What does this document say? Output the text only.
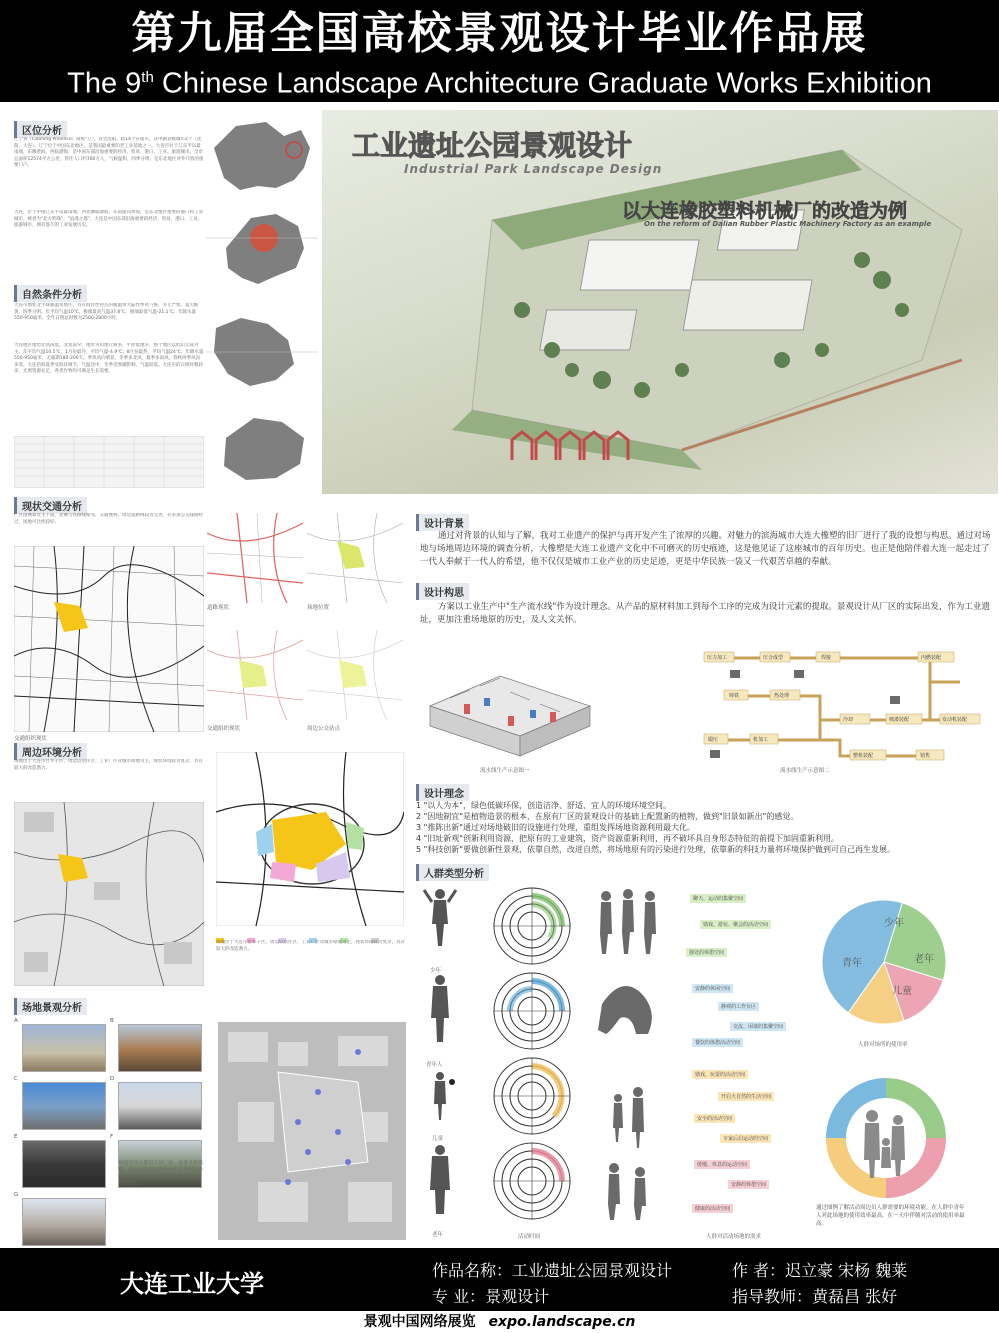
第九届全国高校景观设计毕业作品展
The 9th Chinese Landscape Architecture Graduate Works Exhibition
区位分析
辽宁省（Liaoning Province）简称"辽"，省会沈阳。辖14个省辖市，其中副省级城市2个（沈阳、大连）。辽宁位于中国东北地区，是我国最重要的老工业基地之一。大连市位于辽东半岛最南端，东濒黄海，西临渤海，是中国东部沿海重要的经济、贸易、港口、工业、旅游城市。全市总面积12574平方公里，常住人口约700万人，气候温和，四季分明，是东北地区对外开放的重要门户。
大连，位于中国辽东半岛最南端，西北濒临渤海，东南面向黄海，是东北地区重要的港口和工业城市，被誉为"北方明珠"、"浪漫之都"。大连是中国东部沿海重要的经济、贸易、港口、工业、旅游城市，拥有悠久的工业发展历史。
自然条件分析
大连市地处北半球暖温带地区，具有海洋性特点的暖温带大陆性季风气候，冬无严寒，夏无酷暑，四季分明。年平均气温10℃，极端最高气温37.8℃，极端最低气温-21.1℃。年降水量550-950毫米，全年日照总时数为2500-2800小时。
大连地区地势北高南低，北宽南窄；地形为山地丘陵多，平原低地少，整个地区以低山丘陵为主。年平均气温10.5℃，1月份最冷，平均气温-4.9℃；8月份最热，平均气温24℃。年降水量550-950毫米，无霜期180-200天。季风风向明显，冬季多北风，夏季多南风，春秋两季风向多变。大连沿海夏季受海洋调节，气温适中，冬季受寒潮影响，气温较低。大连市的日照时数较多，光照资源充足，各类作物均可满足生长需要。
工业遗址公园景观设计
Industrial Park Landscape Design
以大连橡胶塑料机械厂的改造为例
On the reform of Dalian Rubber Plastic Machinery Factory as an example
现状交通分析
厂区南侧靠近主干道，北侧与铁路线相邻，交通便利。周边道路网较为完善，有多条公交线路经过，场地可达性较好。
交通组织现状
道路现状	场地位置
交通组织现状	周边公交站点
周边环境分析
场地位于大连市甘井子区，周边以居住区、工业厂区及城市绿地为主，现状环境较为复杂，具有较大的改造潜力。

场地位于大连市甘井子区，周边以居住区、工业厂区及城市绿地为主，现状环境较为复杂，具有较大的改造潜力。
场地景观分析
A	B
C	D
E	F
G
场地现存大量的工业厂房、设备及构筑物，具有较高的历史价值和景观利用价值，是20世纪70年代至80年代的工业建筑代表。
设计背景
通过对背景的认知与了解，我对工业遗产的保护与再开发产生了浓厚的兴趣。对魅力的滨海城市大连大橡塑的旧厂进行了我的设想与构思。通过对场地与场地周边环境的调查分析，大橡塑是大连工业遗产文化中不可磨灭的历史痕迹，这是他见证了这座城市的百年历史。也正是他陪伴着大连一起走过了一代人奉献于一代人的希望，他不仅仅是城市工业产业的历史足迹，更是中华民族一袋又一代艰苦卓越的奉献。
设计构思
方案以工业生产中"生产流水线"作为设计理念。从产品的原材料加工到每个工序的完成为设计元素的提取。景观设计从厂区的实际出发，作为工业遗址，更加注重场地原的历史，及人文关怀。
流水线生产示意图一
压力加工	压合成型	焊接	内燃装配
铸铁	热处理
冷却	喷漆装配	发动机装配
锻压	机加工
整机装配	销售
流水线生产示意图二
设计理念
1 "以人为本"，绿色低碳环保，创造洁净、舒适、宜人的环境环境空间。
2 "因地制宜"是植物造景的根本，在原有厂区的景观设计的基础上配置新的植物，做到"旧景如新出"的感觉。
3 "推陈出新"通过对场地破旧的设施进行处理，重组发挥场地资源利用最大化。
4 "旧址新观"创新利用资源，把原有的工业建筑，资产资源重新利用，再不破坏具自身形态特征的前提下加固重新利用。
5 "科技创新"要做创新性景观，依靠自然，改进自然，将场地原有的污染进行处理，依靠新的科技力量将环境保护做到可自己再生发展。
人群类型分析
少年
青年人
儿童
老年	活动时间
聊天、运动的集聚空间
嬉戏、游玩、聚会的活动空间
独处的休憩空间
安静的休闲空间
静观的工作台区
交流、闲谈的集聚空间
餐饮的体憩活动空间
嬉戏、玩耍的活动空间
开启大自然的生活空间
安全的活动空间
专家后启运动的空间
缓慢、休息的运动空间
安静的休憩空间
健康的活动空间
人群对活动场地的需求
少年
老年
儿童
青年
人群对场所的使用率
通过图例了解活动周边员人群需要的环境功能，在人群中青年人对此场地的使用效率最高，在一天中伴随对活动的使用率最高。
大连工业大学	作品名称：工业遗址公园景观设计
专 业：景观设计
作 者：迟立豪 宋杨 魏莱
指导教师：黄磊昌 张好
景观中国网络展览 expo.landscape.cn
